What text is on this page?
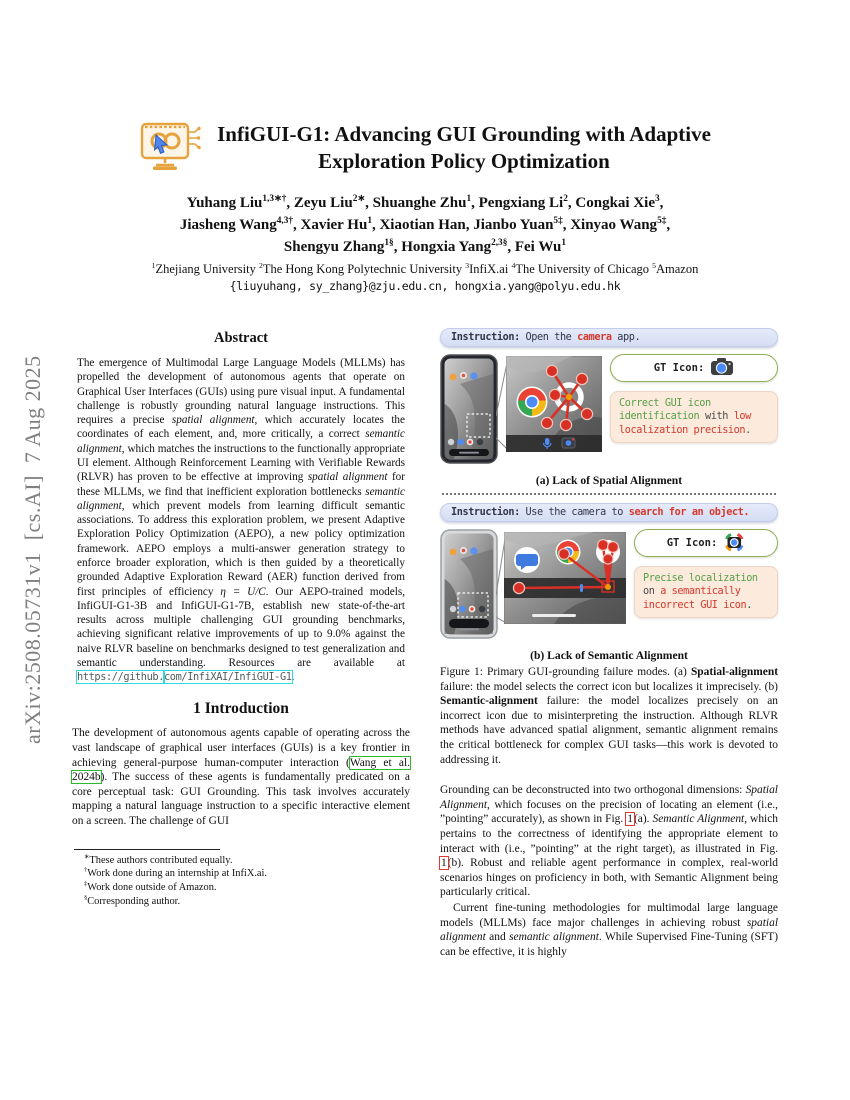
arXiv:2508.05731v1  [cs.AI]  7 Aug 2025
InfiGUI-G1: Advancing GUI Grounding with Adaptive
Exploration Policy Optimization
Yuhang Liu$^{1,3∗\dagger}$, Zeyu Liu$^{2∗}$, Shuanghe Zhu$^1$, Pengxiang Li$^2$, Congkai Xie$^3$,
Jiasheng Wang$^{4,3\dagger}$, Xavier Hu$^1$, Xiaotian Han, Jianbo Yuan$^{5\ddagger}$, Xinyao Wang$^{5\ddagger}$,
Shengyu Zhang$^{1\S}$, Hongxia Yang$^{2,3\S}$, Fei Wu$^1$
$^1$Zhejiang University $^2$The Hong Kong Polytechnic University $^3$InfiX.ai $^4$The University of Chicago $^5$Amazon
{liuyuhang, sy_zhang}@zju.edu.cn, hongxia.yang@polyu.edu.hk
Abstract

The emergence of Multimodal Large Language Models (MLLMs) has propelled the development of autonomous agents that operate on Graphical User Interfaces (GUIs) using pure visual input. A fundamental challenge is robustly grounding natural language instructions. This requires a precise spatial alignment, which accurately locates the coordinates of each element, and, more critically, a correct semantic alignment, which matches the instructions to the functionally appropriate UI element. Although Reinforcement Learning with Verifiable Rewards (RLVR) has proven to be effective at improving spatial alignment for these MLLMs, we find that inefficient exploration bottlenecks semantic alignment, which prevent models from learning difficult semantic associations. To address this exploration problem, we present Adaptive Exploration Policy Optimization (AEPO), a new policy optimization framework. AEPO employs a multi-answer generation strategy to enforce broader exploration, which is then guided by a theoretically grounded Adaptive Exploration Reward (AER) function derived from first principles of efficiency η = U/C. Our AEPO-trained models, InfiGUI-G1-3B and InfiGUI-G1-7B, establish new state-of-the-art results across multiple challenging GUI grounding benchmarks, achieving significant relative improvements of up to 9.0% against the naive RLVR baseline on benchmarks designed to test generalization and semantic understanding. Resources are available at https://github.com/InfiXAI/InfiGUI-G1.

1 Introduction

The development of autonomous agents capable of operating across the vast landscape of graphical user interfaces (GUIs) is a key frontier in achieving general-purpose human-computer interaction (Wang et al. 2024b). The success of these agents is fundamentally predicated on a core perceptual task: GUI Grounding. This task involves accurately mapping a natural language instruction to a specific interactive element on a screen. The challenge of GUI

∗These authors contributed equally.
†Work done during an internship at InfiX.ai.
‡Work done outside of Amazon.
§Corresponding author.
Instruction: Open the camera app.
GT Icon:
Correct GUI icon identification with low localization precision.
(a) Lack of Spatial Alignment
Instruction: Use the camera to search for an object.
GT Icon:
Precise localization on a semantically incorrect GUI icon.
(b) Lack of Semantic Alignment

Figure 1: Primary GUI-grounding failure modes. (a) Spatial-alignment failure: the model selects the correct icon but localizes it imprecisely. (b) Semantic-alignment failure: the model localizes precisely on an incorrect icon due to misinterpreting the instruction. Although RLVR methods have advanced spatial alignment, semantic alignment remains the critical bottleneck for complex GUI tasks—this work is devoted to addressing it.

Grounding can be deconstructed into two orthogonal dimensions: Spatial Alignment, which focuses on the precision of locating an element (i.e., ”pointing” accurately), as shown in Fig. 1(a). Semantic Alignment, which pertains to the correctness of identifying the appropriate element to interact with (i.e., ”pointing” at the right target), as illustrated in Fig. 1(b). Robust and reliable agent performance in complex, real-world scenarios hinges on proficiency in both, with Semantic Alignment being particularly critical.

Current fine-tuning methodologies for multimodal large language models (MLLMs) face major challenges in achieving robust spatial alignment and semantic alignment. While Supervised Fine-Tuning (SFT) can be effective, it is highly
